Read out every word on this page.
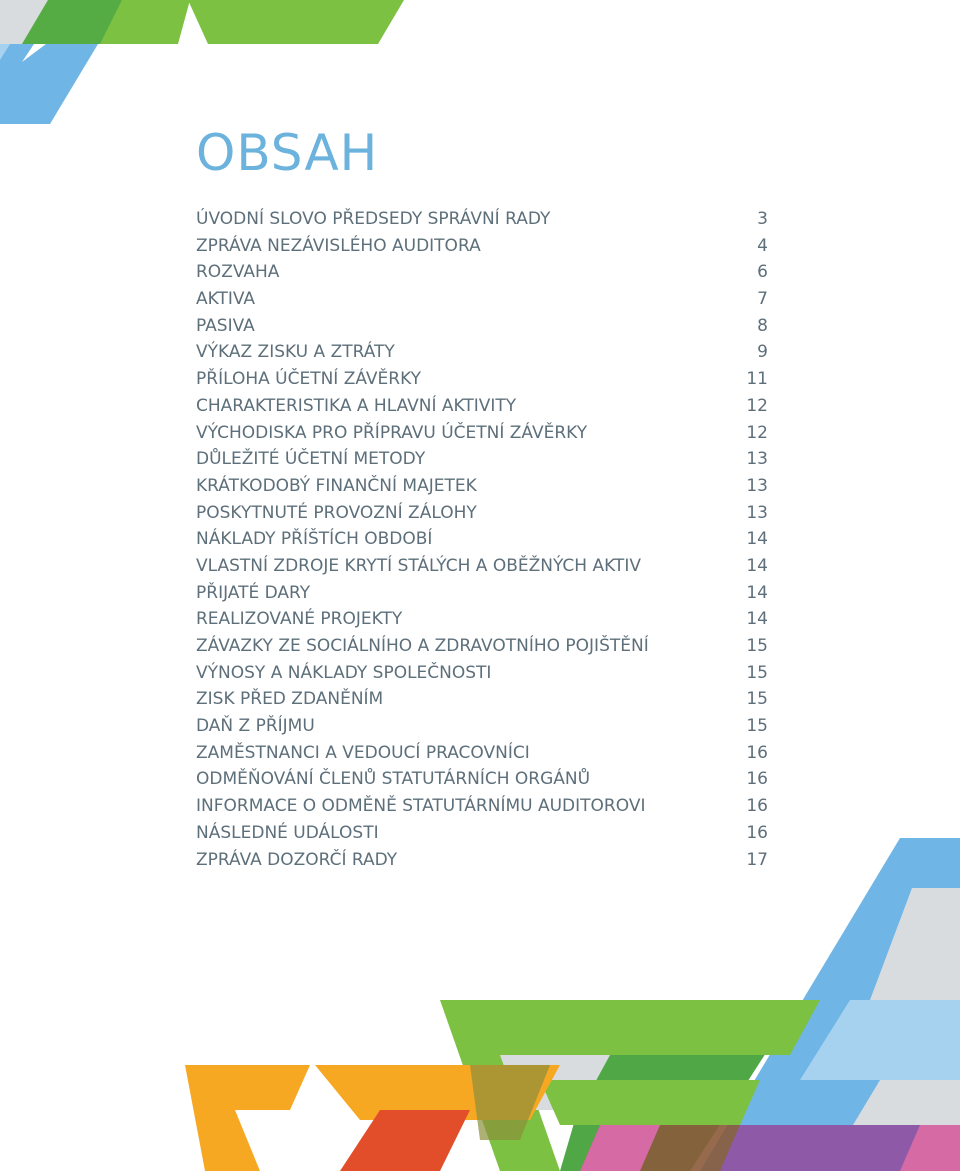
OBSAH
ÚVODNÍ SLOVO PŘEDSEDY SPRÁVNÍ RADY	3
ZPRÁVA NEZÁVISLÉHO AUDITORA	4
ROZVAHA	6
AKTIVA	7
PASIVA	8
VÝKAZ ZISKU A ZTRÁTY	9
PŘÍLOHA ÚČETNÍ ZÁVĚRKY	11
CHARAKTERISTIKA A HLAVNÍ AKTIVITY	12
VÝCHODISKA PRO PŘÍPRAVU ÚČETNÍ ZÁVĚRKY	12
DŮLEŽITÉ ÚČETNÍ METODY	13
KRÁTKODOBÝ FINANČNÍ MAJETEK	13
POSKYTNUTÉ PROVOZNÍ ZÁLOHY	13
NÁKLADY PŘÍŠTÍCH OBDOBÍ	14
VLASTNÍ ZDROJE KRYTÍ STÁLÝCH A OBĚŽNÝCH AKTIV	14
PŘIJATÉ DARY	14
REALIZOVANÉ PROJEKTY	14
ZÁVAZKY ZE SOCIÁLNÍHO A ZDRAVOTNÍHO POJIŠTĚNÍ	15
VÝNOSY A NÁKLADY SPOLEČNOSTI	15
ZISK PŘED ZDANĚNÍM	15
DAŇ Z PŘÍJMU	15
ZAMĚSTNANCI A VEDOUCÍ PRACOVNÍCI	16
ODMĚŇOVÁNÍ ČLENŮ STATUTÁRNÍCH ORGÁNŮ	16
INFORMACE O ODMĚNĚ STATUTÁRNÍMU AUDITOROVI	16
NÁSLEDNÉ UDÁLOSTI	16
ZPRÁVA DOZORČÍ RADY	17
